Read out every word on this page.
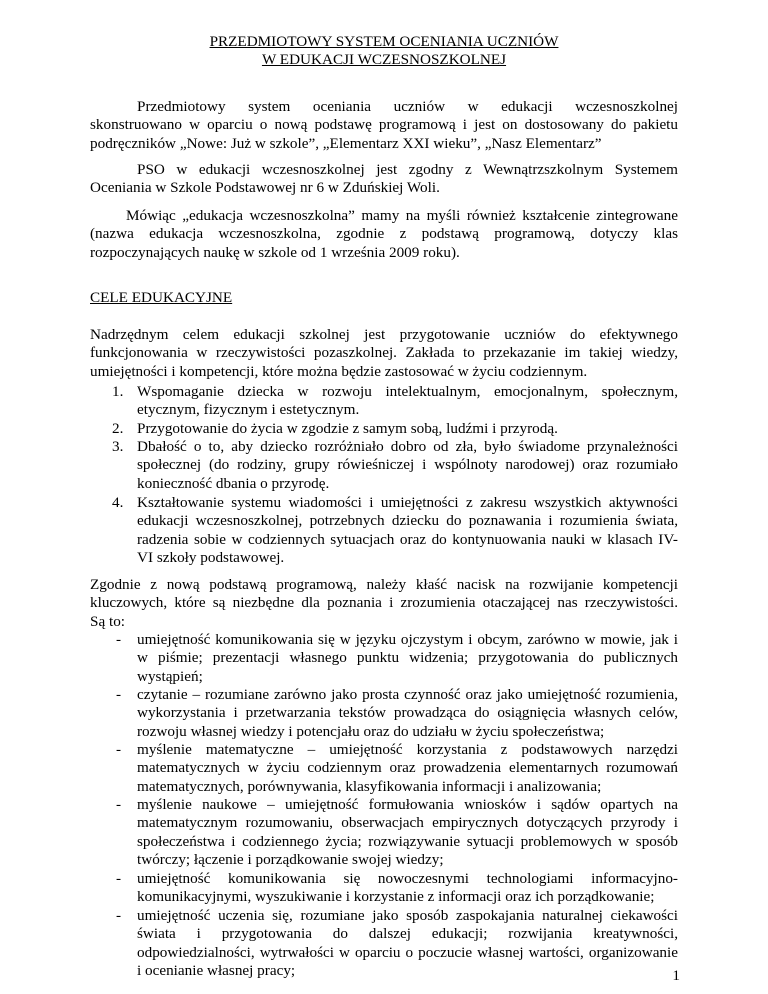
PRZEDMIOTOWY SYSTEM OCENIANIA UCZNIÓW
W EDUKACJI WCZESNOSZKOLNEJ
Przedmiotowy system oceniania uczniów w edukacji wczesnoszkolnej
skonstruowano w oparciu o nową podstawę programową i jest on dostosowany do pakietu
podręczników „Nowe: Już w szkole”, „Elementarz XXI wieku”, „Nasz Elementarz”
PSO w edukacji wczesnoszkolnej jest zgodny z Wewnątrzszkolnym Systemem
Oceniania w Szkole Podstawowej nr 6 w Zduńskiej Woli.
Mówiąc „edukacja wczesnoszkolna” mamy na myśli również kształcenie zintegrowane
(nazwa edukacja wczesnoszkolna, zgodnie z podstawą programową, dotyczy klas
rozpoczynających naukę w szkole od 1 września 2009 roku).
CELE EDUKACYJNE
Nadrzędnym celem edukacji szkolnej jest przygotowanie uczniów do efektywnego
funkcjonowania w rzeczywistości pozaszkolnej. Zakłada to przekazanie im takiej wiedzy,
umiejętności i kompetencji, które można będzie zastosować w życiu codziennym.
1. Wspomaganie dziecka w rozwoju intelektualnym, emocjonalnym, społecznym,
etycznym, fizycznym i estetycznym.
2. Przygotowanie do życia w zgodzie z samym sobą, ludźmi i przyrodą.
3. Dbałość o to, aby dziecko rozróżniało dobro od zła, było świadome przynależności
społecznej (do rodziny, grupy rówieśniczej i wspólnoty narodowej) oraz rozumiało
konieczność dbania o przyrodę.
4. Kształtowanie systemu wiadomości i umiejętności z zakresu wszystkich aktywności
edukacji wczesnoszkolnej, potrzebnych dziecku do poznawania i rozumienia świata,
radzenia sobie w codziennych sytuacjach oraz do kontynuowania nauki w klasach IV-
VI szkoły podstawowej.
Zgodnie z nową podstawą programową, należy kłaść nacisk na rozwijanie kompetencji
kluczowych, które są niezbędne dla poznania i zrozumienia otaczającej nas rzeczywistości.
Są to:
- umiejętność komunikowania się w języku ojczystym i obcym, zarówno w mowie, jak i
w piśmie; prezentacji własnego punktu widzenia; przygotowania do publicznych
wystąpień;
- czytanie – rozumiane zarówno jako prosta czynność oraz jako umiejętność rozumienia,
wykorzystania i przetwarzania tekstów prowadząca do osiągnięcia własnych celów,
rozwoju własnej wiedzy i potencjału oraz do udziału w życiu społeczeństwa;
- myślenie matematyczne – umiejętność korzystania z podstawowych narzędzi
matematycznych w życiu codziennym oraz prowadzenia elementarnych rozumowań
matematycznych, porównywania, klasyfikowania informacji i analizowania;
- myślenie naukowe – umiejętność formułowania wniosków i sądów opartych na
matematycznym rozumowaniu, obserwacjach empirycznych dotyczących przyrody i
społeczeństwa i codziennego życia; rozwiązywanie sytuacji problemowych w sposób
twórczy; łączenie i porządkowanie swojej wiedzy;
- umiejętność komunikowania się nowoczesnymi technologiami informacyjno-
komunikacyjnymi, wyszukiwanie i korzystanie z informacji oraz ich porządkowanie;
- umiejętność uczenia się, rozumiane jako sposób zaspokajania naturalnej ciekawości
świata i przygotowania do dalszej edukacji; rozwijania kreatywności,
odpowiedzialności, wytrwałości w oparciu o poczucie własnej wartości, organizowanie
i ocenianie własnej pracy;	1
